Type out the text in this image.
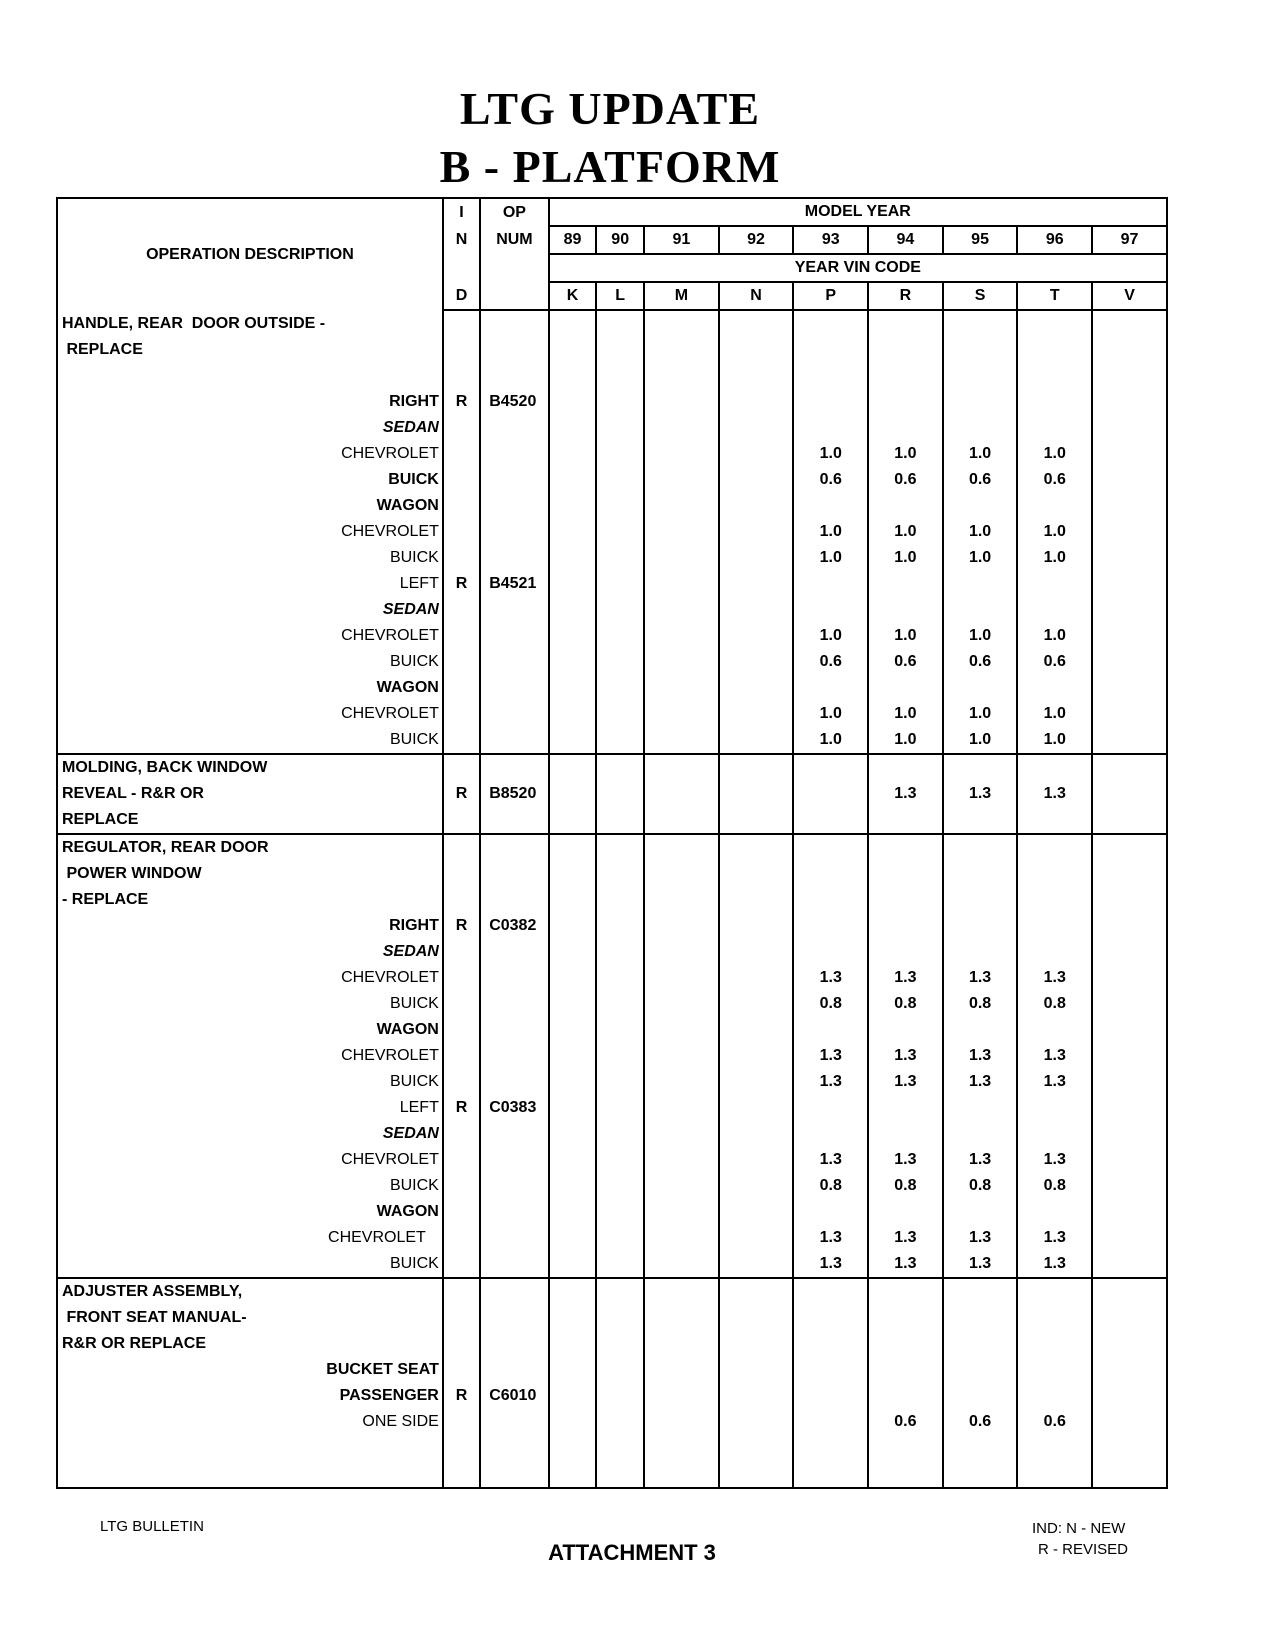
LTG UPDATE
B - PLATFORM
OPERATION DESCRIPTION	I	OP	MODEL YEAR								
	N	NUM	89	90	91	92	93	94	95	96	97
			YEAR VIN CODE								
	D		K	L	M	N	P	R	S	T	V
HANDLE, REAR  DOOR OUTSIDE -											
REPLACE											

RIGHT	R	B4520									
SEDAN											
CHEVROLET							1.0	1.0	1.0	1.0	
BUICK							0.6	0.6	0.6	0.6	
WAGON											
CHEVROLET							1.0	1.0	1.0	1.0	
BUICK							1.0	1.0	1.0	1.0	
LEFT	R	B4521									
SEDAN											
CHEVROLET							1.0	1.0	1.0	1.0	
BUICK							0.6	0.6	0.6	0.6	
WAGON											
CHEVROLET							1.0	1.0	1.0	1.0	
BUICK							1.0	1.0	1.0	1.0	
MOLDING, BACK WINDOW											
REVEAL - R&R OR	R	B8520						1.3	1.3	1.3	
REPLACE											
REGULATOR, REAR DOOR											
POWER WINDOW											
- REPLACE											
RIGHT	R	C0382									
SEDAN											
CHEVROLET							1.3	1.3	1.3	1.3	
BUICK							0.8	0.8	0.8	0.8	
WAGON											
CHEVROLET							1.3	1.3	1.3	1.3	
BUICK							1.3	1.3	1.3	1.3	
LEFT	R	C0383									
SEDAN											
CHEVROLET							1.3	1.3	1.3	1.3	
BUICK							0.8	0.8	0.8	0.8	
WAGON											
CHEVROLET							1.3	1.3	1.3	1.3	
BUICK							1.3	1.3	1.3	1.3	
ADJUSTER ASSEMBLY,											
FRONT SEAT MANUAL-											
R&R OR REPLACE											
BUCKET SEAT											
PASSENGER	R	C6010									
ONE SIDE								0.6	0.6	0.6	

LTG BULLETIN
ATTACHMENT 3
IND: N - NEW
R - REVISED
